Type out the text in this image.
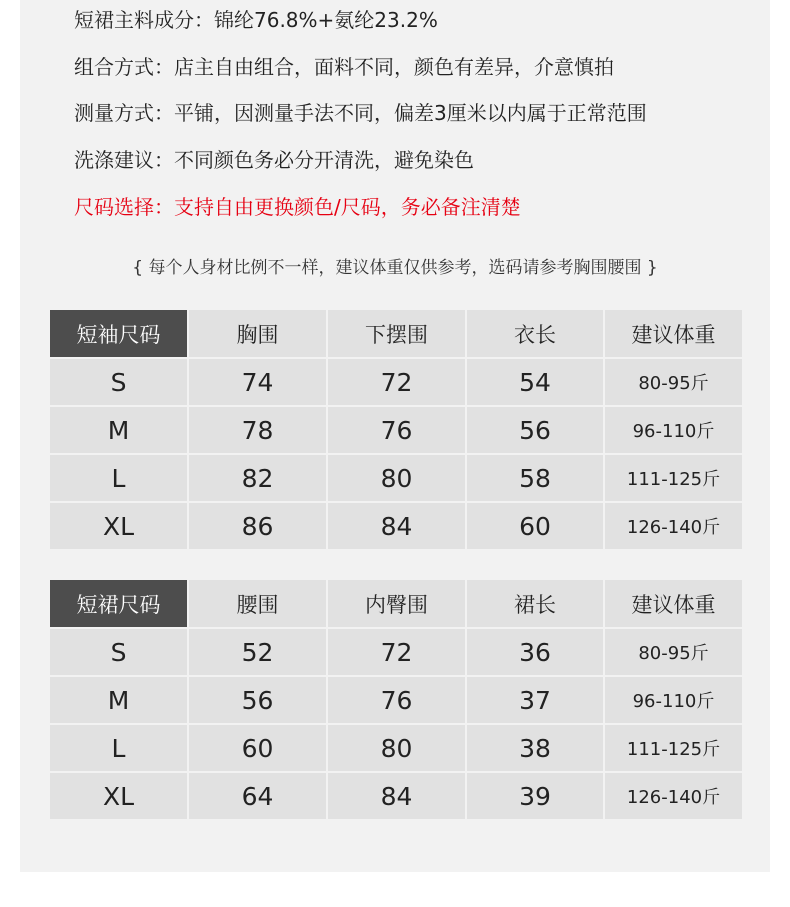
短裙主料成分：锦纶76.8%+氨纶23.2%
组合方式：店主自由组合，面料不同，颜色有差异，介意慎拍
测量方式：平铺，因测量手法不同，偏差3厘米以内属于正常范围
洗涤建议：不同颜色务必分开清洗，避免染色
尺码选择：支持自由更换颜色/尺码，务必备注清楚
{ 每个人身材比例不一样，建议体重仅供参考，选码请参考胸围腰围 }
短袖尺码	胸围	下摆围	衣长	建议体重
S	74	72	54	80-95斤
M	78	76	56	96-110斤
L	82	80	58	111-125斤
XL	86	84	60	126-140斤
短裙尺码	腰围	内臀围	裙长	建议体重
S	52	72	36	80-95斤
M	56	76	37	96-110斤
L	60	80	38	111-125斤
XL	64	84	39	126-140斤
